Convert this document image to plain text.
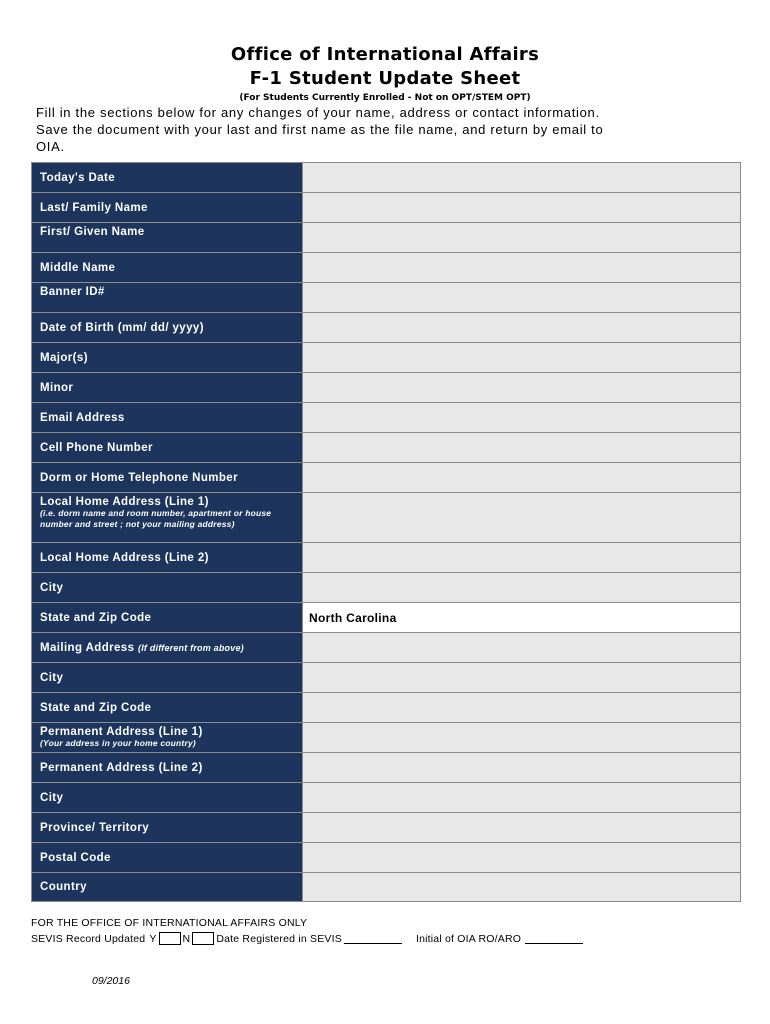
Office of International Affairs
F-1 Student Update Sheet
(For Students Currently Enrolled - Not on OPT/STEM OPT)
Fill in the sections below for any changes of your name, address or contact information.
Save the document with your last and first name as the file name, and return by email to
OIA.
Today's Date
Last/ Family Name
First/ Given Name
Middle Name
Banner ID#
Date of Birth (mm/ dd/ yyyy)
Major(s)
Minor
Email Address
Cell Phone Number
Dorm or Home Telephone Number
Local Home Address (Line 1)
(i.e. dorm name and room number, apartment or house number and street ; not your mailing address)
Local Home Address (Line 2)
City
State and Zip Code	North Carolina
Mailing Address (If different from above)
City
State and Zip Code
Permanent Address (Line 1)
(Your address in your home country)
Permanent Address (Line 2)
City
Province/ Territory
Postal Code
Country
FOR THE OFFICE OF INTERNATIONAL AFFAIRS ONLY
SEVIS Record Updated Y N Date Registered in SEVIS	Initial of OIA RO/ARO
09/2016
